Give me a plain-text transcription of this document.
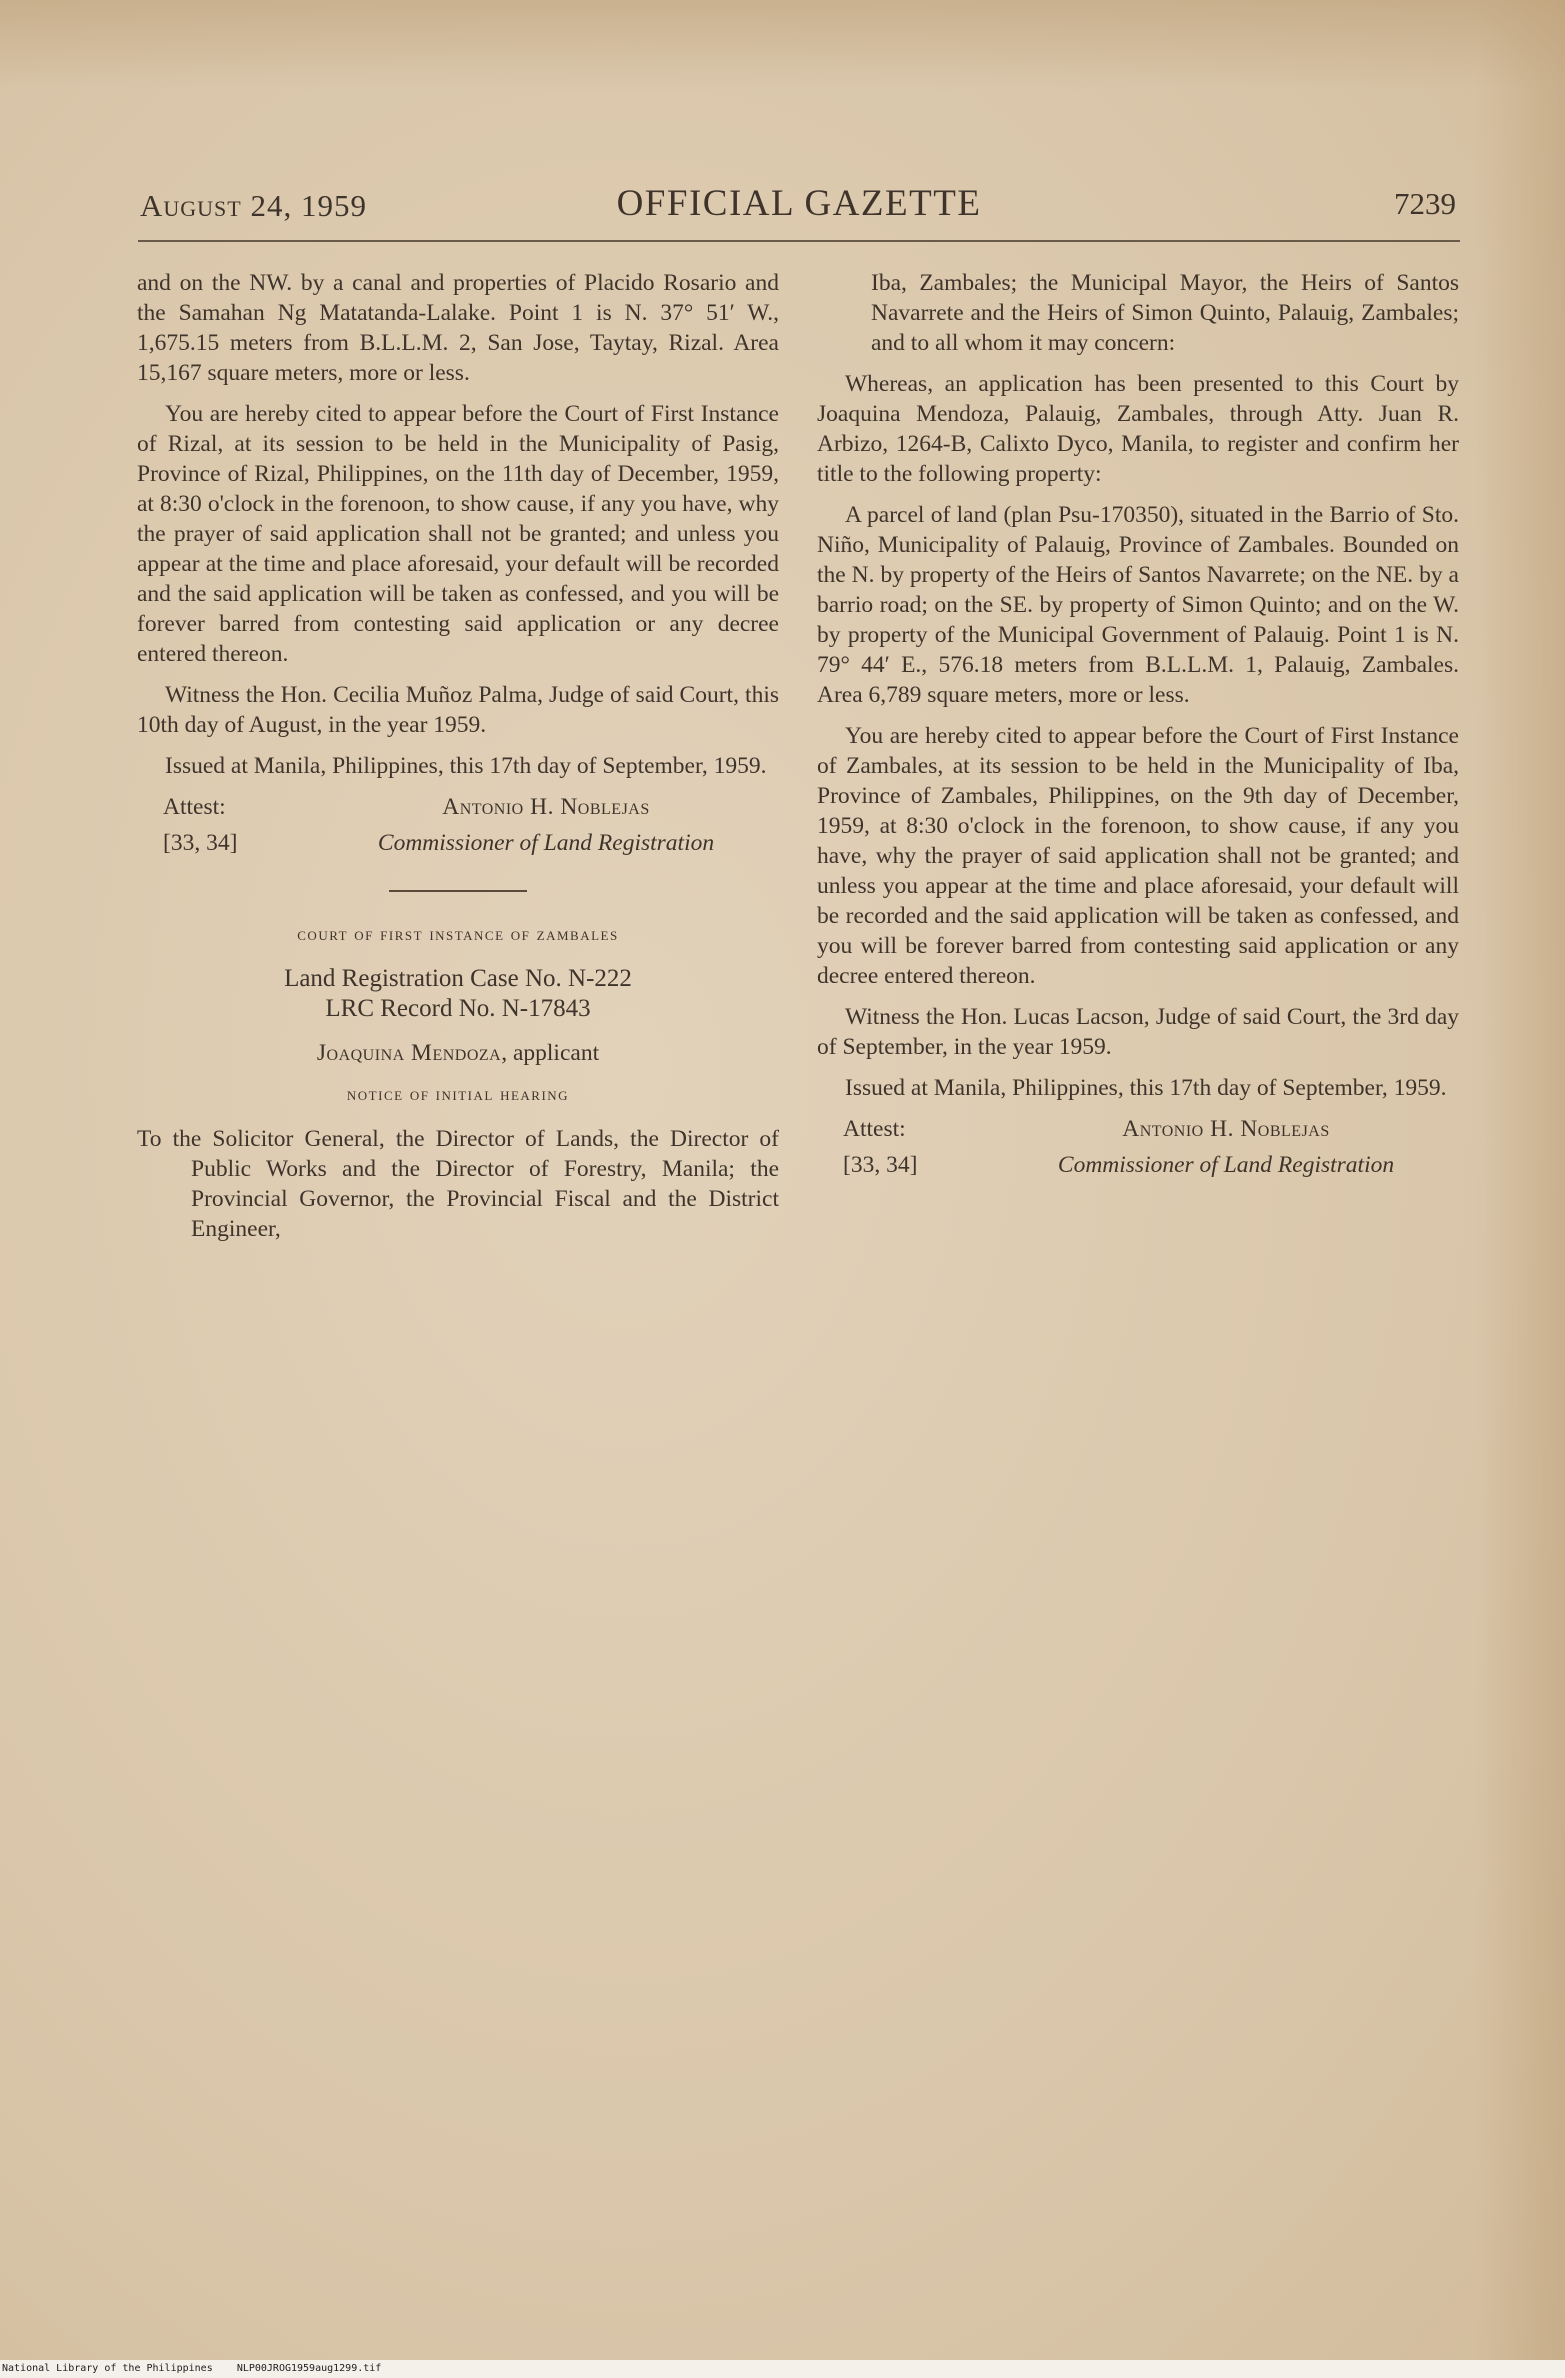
August 24, 1959	OFFICIAL GAZETTE	7239

and on the NW. by a canal and properties of Placido Rosario and the Samahan Ng Matatanda-Lalake. Point 1 is N. 37° 51′ W., 1,675.15 meters from B.L.L.M. 2, San Jose, Taytay, Rizal. Area 15,167 square meters, more or less.

You are hereby cited to appear before the Court of First Instance of Rizal, at its session to be held in the Municipality of Pasig, Province of Rizal, Philippines, on the 11th day of December, 1959, at 8:30 o'clock in the forenoon, to show cause, if any you have, why the prayer of said application shall not be granted; and unless you appear at the time and place aforesaid, your default will be recorded and the said application will be taken as confessed, and you will be forever barred from contesting said application or any decree entered thereon.

Witness the Hon. Cecilia Muñoz Palma, Judge of said Court, this 10th day of August, in the year 1959.

Issued at Manila, Philippines, this 17th day of September, 1959.

Attest:	Antonio H. Noblejas
[33, 34]	Commissioner of Land Registration
court of first instance of zambales
Land Registration Case No. N-222
LRC Record No. N-17843
Joaquina Mendoza, applicant
notice of initial hearing

To the Solicitor General, the Director of Lands, the Director of Public Works and the Director of Forestry, Manila; the Provincial Governor, the Provincial Fiscal and the District Engineer,

Iba, Zambales; the Municipal Mayor, the Heirs of Santos Navarrete and the Heirs of Simon Quinto, Palauig, Zambales; and to all whom it may concern:

Whereas, an application has been presented to this Court by Joaquina Mendoza, Palauig, Zambales, through Atty. Juan R. Arbizo, 1264-B, Calixto Dyco, Manila, to register and confirm her title to the following property:

A parcel of land (plan Psu-170350), situated in the Barrio of Sto. Niño, Municipality of Palauig, Province of Zambales. Bounded on the N. by property of the Heirs of Santos Navarrete; on the NE. by a barrio road; on the SE. by property of Simon Quinto; and on the W. by property of the Municipal Government of Palauig. Point 1 is N. 79° 44′ E., 576.18 meters from B.L.L.M. 1, Palauig, Zambales. Area 6,789 square meters, more or less.

You are hereby cited to appear before the Court of First Instance of Zambales, at its session to be held in the Municipality of Iba, Province of Zambales, Philippines, on the 9th day of December, 1959, at 8:30 o'clock in the forenoon, to show cause, if any you have, why the prayer of said application shall not be granted; and unless you appear at the time and place aforesaid, your default will be recorded and the said application will be taken as confessed, and you will be forever barred from contesting said application or any decree entered thereon.

Witness the Hon. Lucas Lacson, Judge of said Court, the 3rd day of September, in the year 1959.

Issued at Manila, Philippines, this 17th day of September, 1959.

Attest:	Antonio H. Noblejas
[33, 34]	Commissioner of Land Registration
National Library of the Philippines NLP00JROG1959aug1299.tif
